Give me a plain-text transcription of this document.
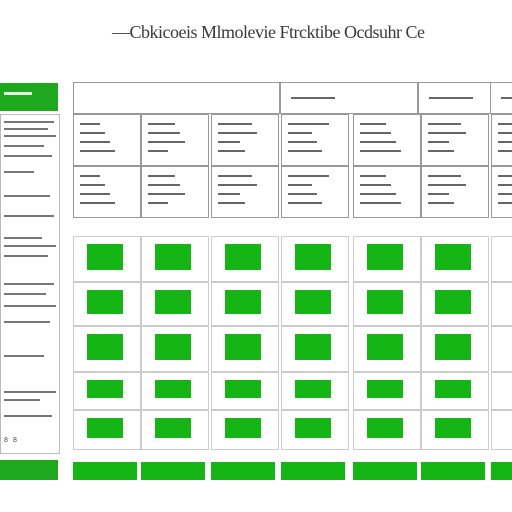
—Cbkicoeis Mlmolevie Ftrcktibe Ocdsuhr Ce
8 8
